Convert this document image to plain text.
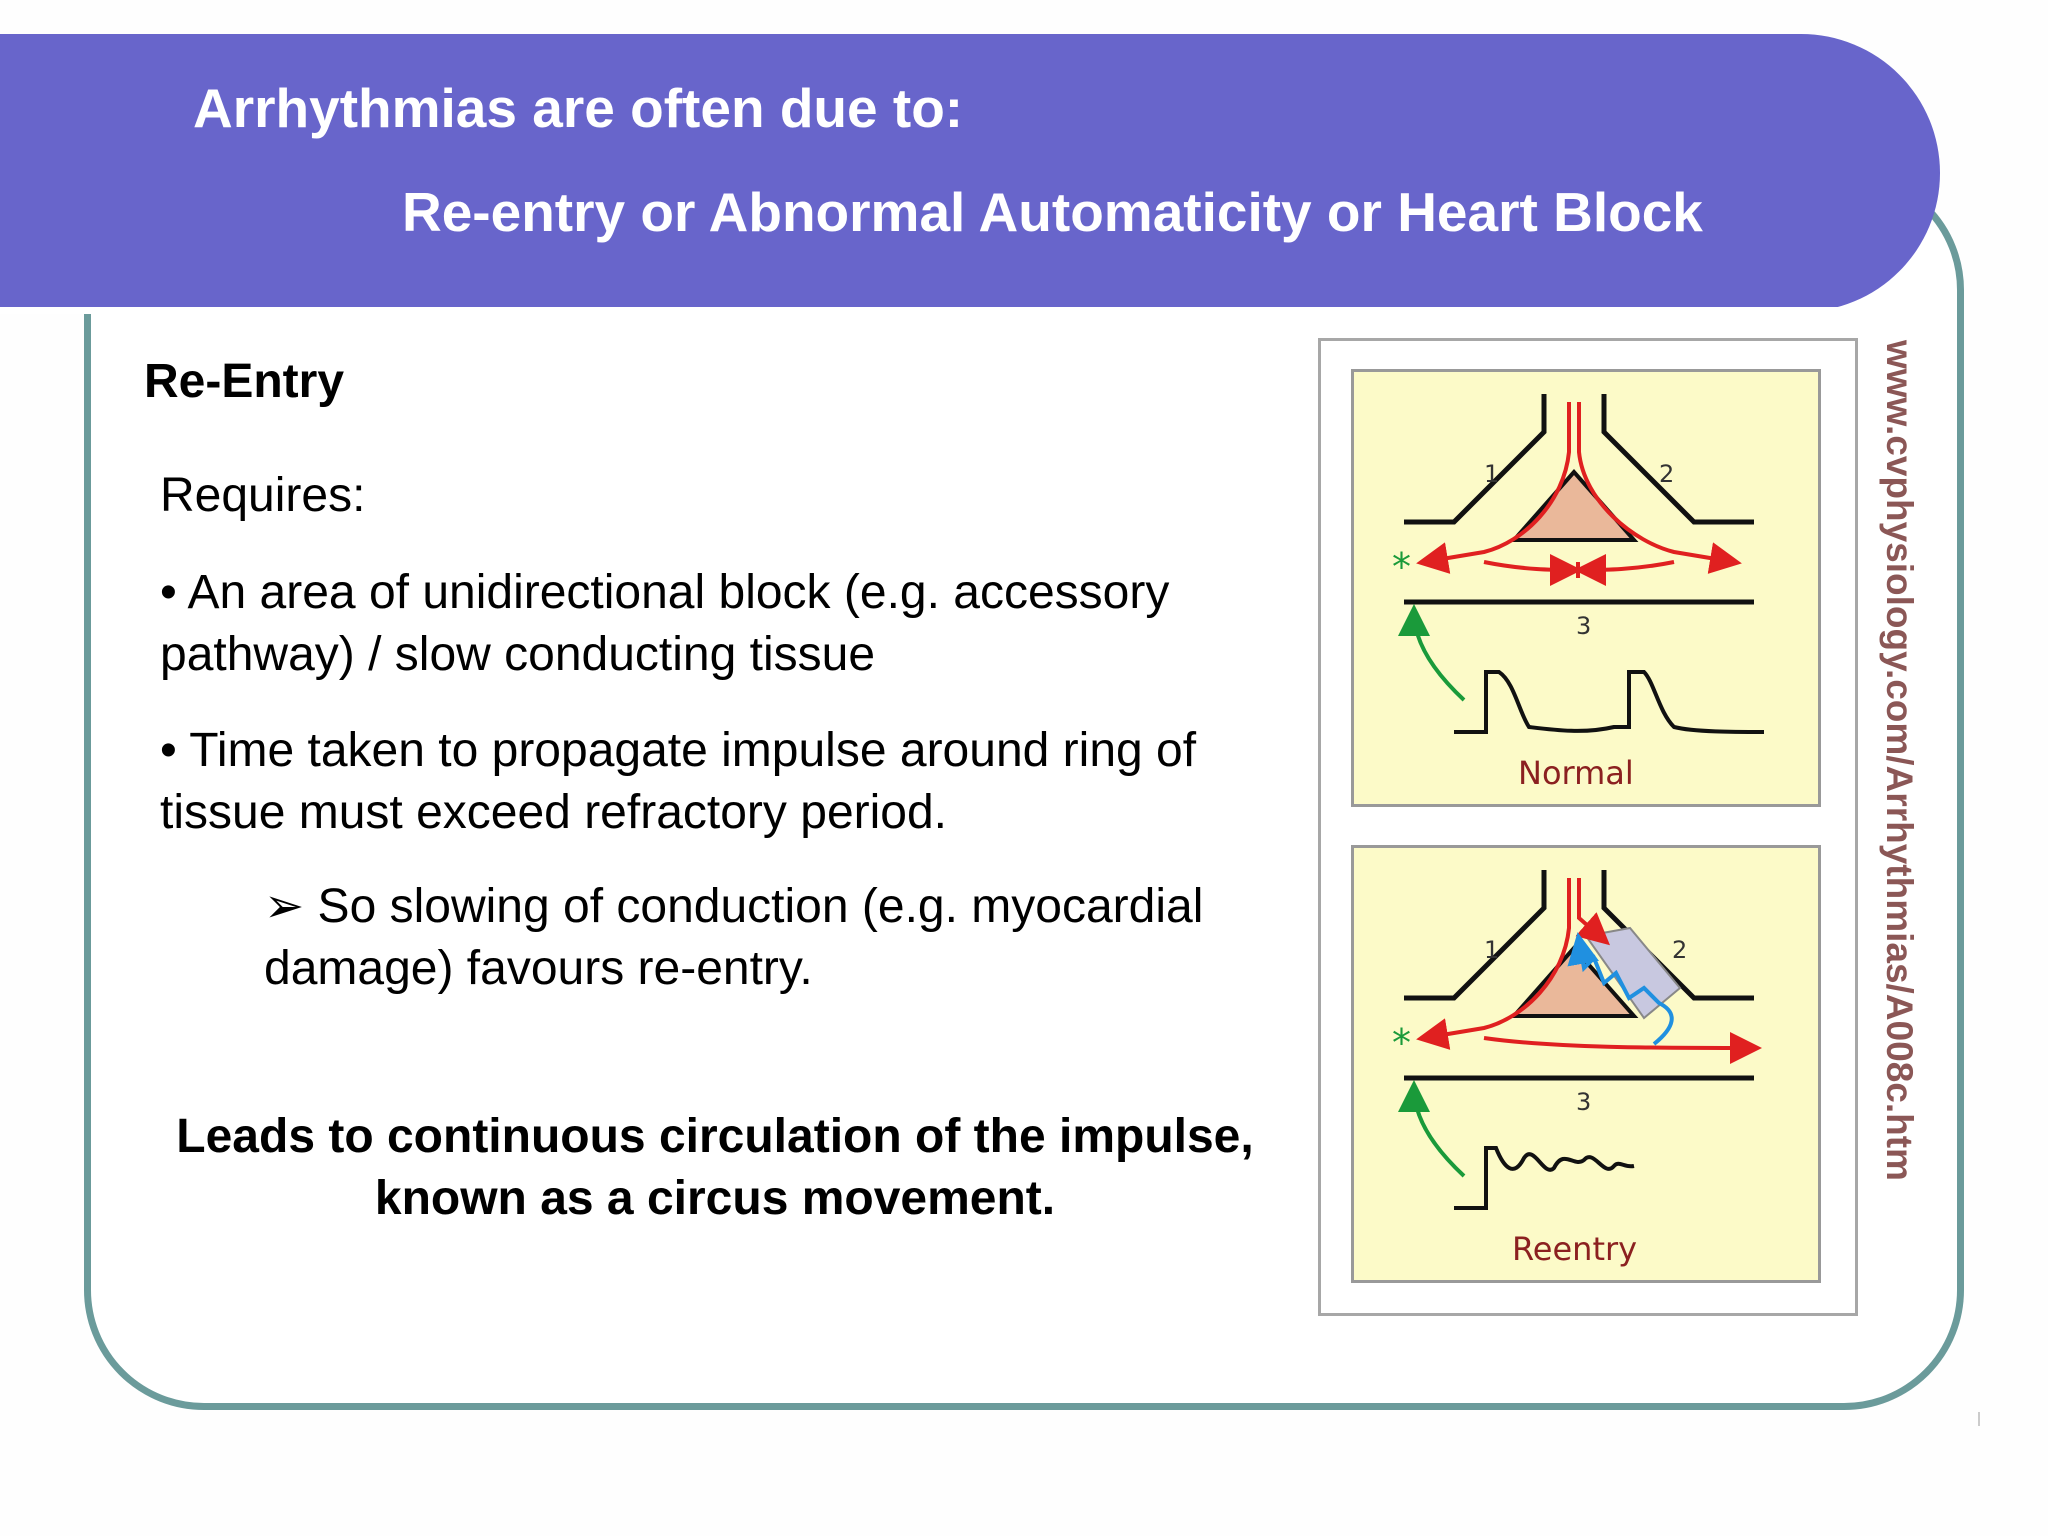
Arrhythmias are often due to:
Re-entry or Abnormal Automaticity or Heart Block
Re-Entry
Requires:
• An area of unidirectional block (e.g. accessory pathway) / slow conducting tissue
• Time taken to propagate impulse around ring of tissue must exceed refractory period.
➢ So slowing of conduction (e.g. myocardial damage) favours re-entry.
Leads to continuous circulation of the impulse, known as a circus movement.
*
1	2
3
Normal
*
1	2
3
Reentry
www.cvphysiology.com/Arrhythmias/A008c.htm
